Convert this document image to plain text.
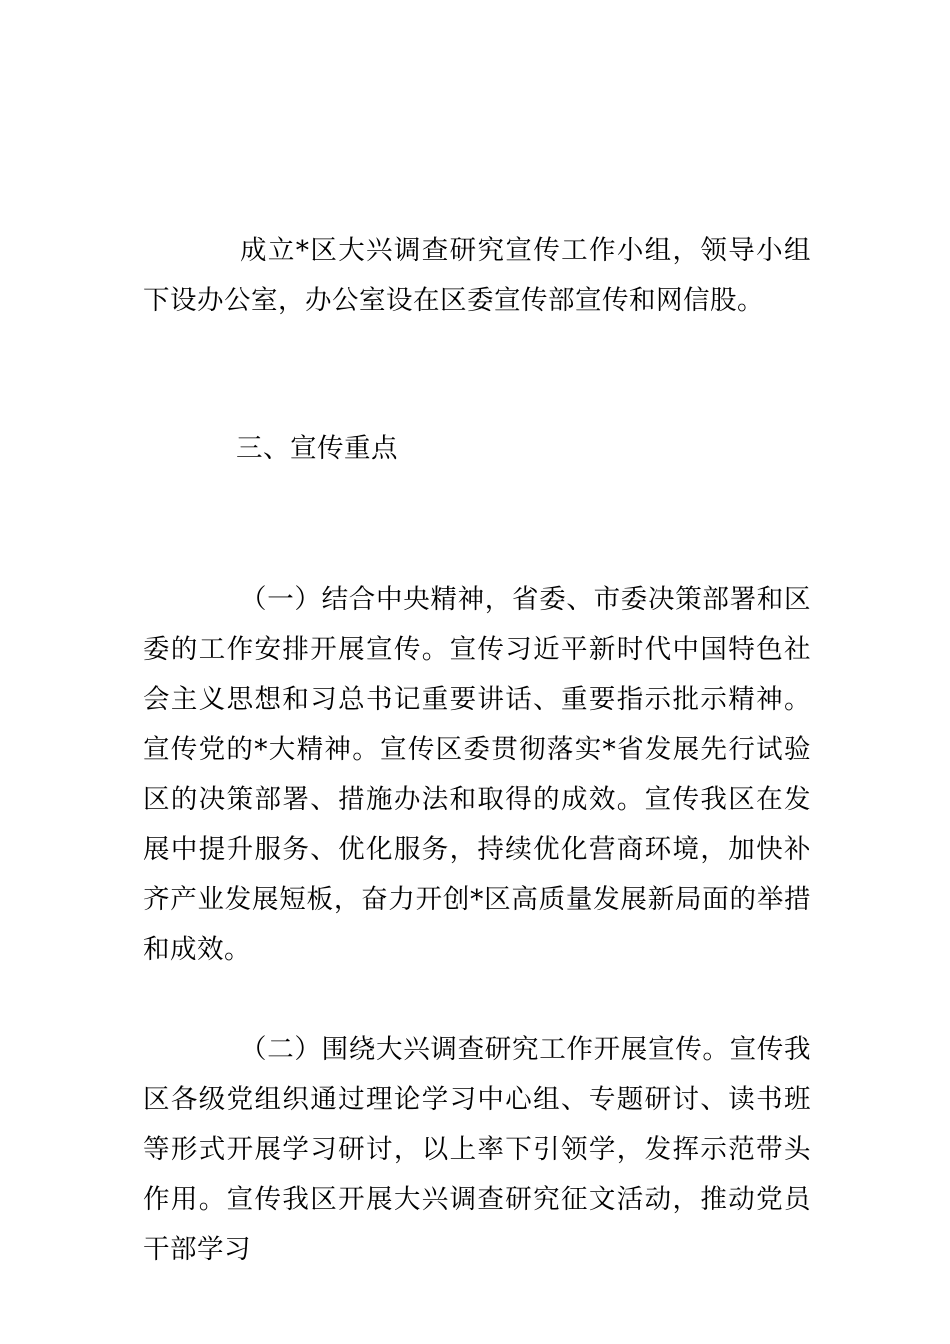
成立*区大兴调查研究宣传工作小组，领导小组下设办公室，办公室设在区委宣传部宣传和网信股。

三、宣传重点

（一）结合中央精神，省委、市委决策部署和区委的工作安排开展宣传。宣传习近平新时代中国特色社会主义思想和习总书记重要讲话、重要指示批示精神。宣传党的*大精神。宣传区委贯彻落实*省发展先行试验区的决策部署、措施办法和取得的成效。宣传我区在发展中提升服务、优化服务，持续优化营商环境，加快补齐产业发展短板，奋力开创*区高质量发展新局面的举措和成效。

（二）围绕大兴调查研究工作开展宣传。宣传我区各级党组织通过理论学习中心组、专题研讨、读书班等形式开展学习研讨，以上率下引领学，发挥示范带头作用。宣传我区开展大兴调查研究征文活动，推动党员干部学习
